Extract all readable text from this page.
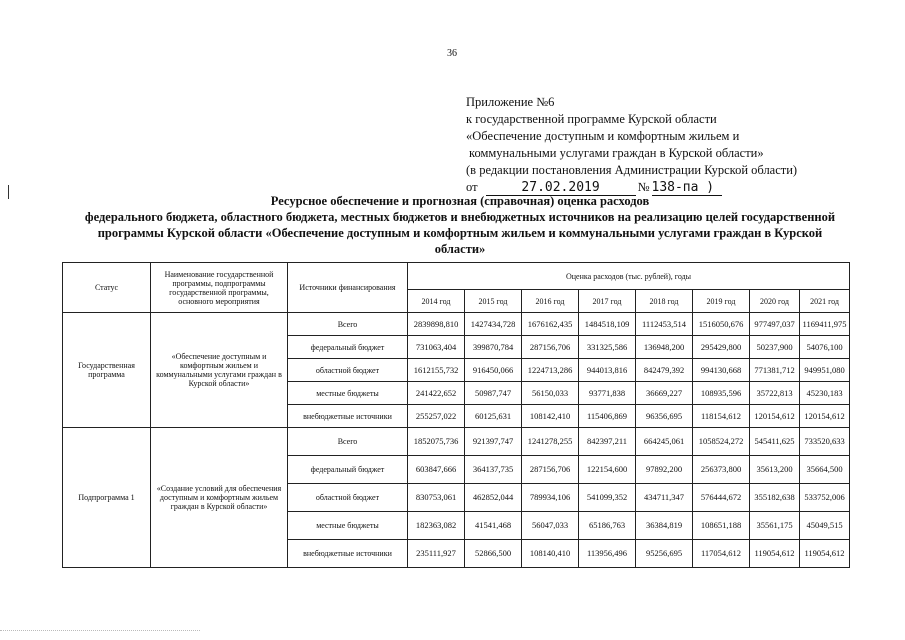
36
Приложение №6
к государственной программе Курской области
«Обеспечение доступным и комфортным жильем и
коммунальными услугами граждан в Курской области»
(в редакции постановления Администрации Курской области)
от	27.02.2019	№ 138-па )
Ресурсное обеспечение и прогнозная (справочная) оценка расходов
федерального бюджета, областного бюджета, местных бюджетов и внебюджетных источников на реализацию целей государственной
программы Курской области «Обеспечение доступным и комфортным жильем и коммунальными услугами граждан в Курской
области»
Статус	Наименование государственной программы, подпрограммы государственной программы, основного мероприятия	Источники финансирования	Оценка расходов (тыс. рублей), годы							
			2014 год	2015 год	2016 год	2017 год	2018 год	2019 год	2020 год	2021 год
Государственная программа	«Обеспечение доступным и комфортным жильем и коммунальными услугами граждан в Курской области»	Всего	2839898,810	1427434,728	1676162,435	1484518,109	1112453,514	1516050,676	977497,037	1169411,975
		федеральный бюджет	731063,404	399870,784	287156,706	331325,586	136948,200	295429,800	50237,900	54076,100
		областной бюджет	1612155,732	916450,066	1224713,286	944013,816	842479,392	994130,668	771381,712	949951,080
		местные бюджеты	241422,652	50987,747	56150,033	93771,838	36669,227	108935,596	35722,813	45230,183
		внебюджетные источники	255257,022	60125,631	108142,410	115406,869	96356,695	118154,612	120154,612	120154,612
Подпрограмма 1	«Создание условий для обеспечения доступным и комфортным жильем граждан в Курской области»	Всего	1852075,736	921397,747	1241278,255	842397,211	664245,061	1058524,272	545411,625	733520,633
		федеральный бюджет	603847,666	364137,735	287156,706	122154,600	97892,200	256373,800	35613,200	35664,500
		областной бюджет	830753,061	462852,044	789934,106	541099,352	434711,347	576444,672	355182,638	533752,006
		местные бюджеты	182363,082	41541,468	56047,033	65186,763	36384,819	108651,188	35561,175	45049,515
		внебюджетные источники	235111,927	52866,500	108140,410	113956,496	95256,695	117054,612	119054,612	119054,612
